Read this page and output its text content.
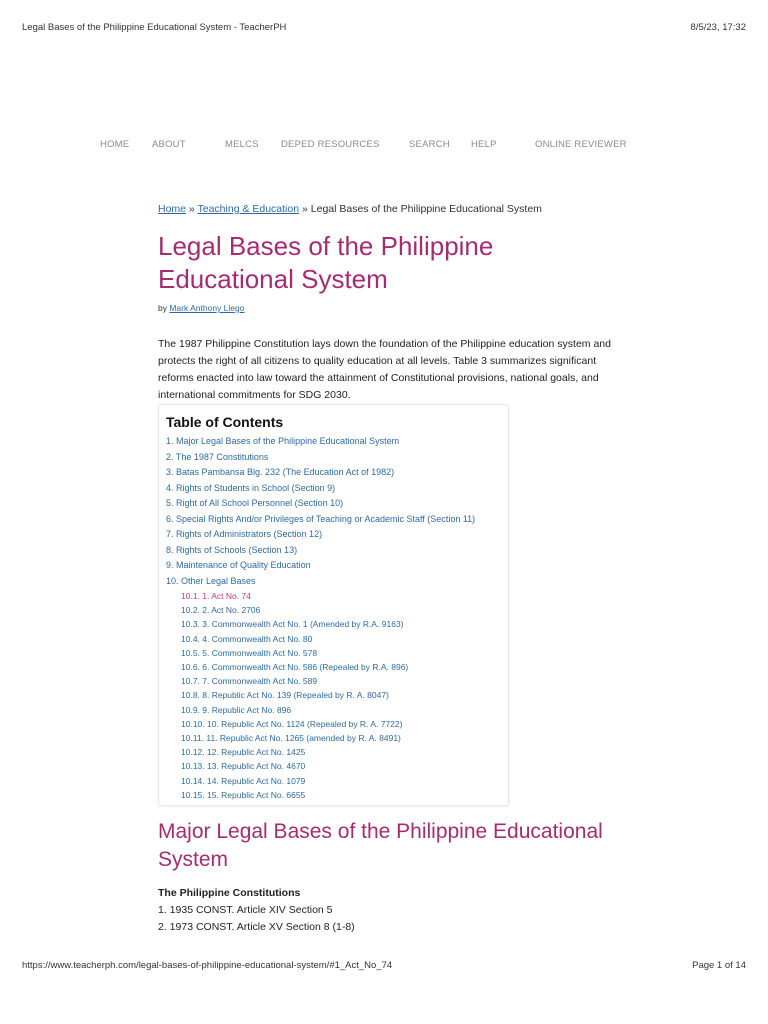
Legal Bases of the Philippine Educational System - TeacherPH	8/5/23, 17:32
HOME ABOUT	MELCS DEPED RESOURCES	SEARCH HELP	ONLINE REVIEWER
Home » Teaching & Education » Legal Bases of the Philippine Educational System
Legal Bases of the Philippine Educational System
by Mark Anthony Llego

The 1987 Philippine Constitution lays down the foundation of the Philippine education system and protects the right of all citizens to quality education at all levels. Table 3 summarizes significant reforms enacted into law toward the attainment of Constitutional provisions, national goals, and international commitments for SDG 2030.

Table of Contents
1. Major Legal Bases of the Philippine Educational System
2. The 1987 Constitutions
3. Batas Pambansa Blg. 232 (The Education Act of 1982)
4. Rights of Students in School (Section 9)
5. Right of All School Personnel (Section 10)
6. Special Rights And/or Privileges of Teaching or Academic Staff (Section 11)
7. Rights of Administrators (Section 12)
8. Rights of Schools (Section 13)
9. Maintenance of Quality Education
10. Other Legal Bases
10.1. 1. Act No. 74
10.2. 2. Act No. 2706
10.3. 3. Commonwealth Act No. 1 (Amended by R.A. 9163)
10.4. 4. Commonwealth Act No. 80
10.5. 5. Commonwealth Act No. 578
10.6. 6. Commonwealth Act No. 586 (Repealed by R.A. 896)
10.7. 7. Commonwealth Act No. 589
10.8. 8. Republic Act No. 139 (Repealed by R. A. 8047)
10.9. 9. Republic Act No. 896
10.10. 10. Republic Act No. 1124 (Repealed by R. A. 7722)
10.11. 11. Republic Act No. 1265 (amended by R. A. 8491)
10.12. 12. Republic Act No. 1425
10.13. 13. Republic Act No. 4670
10.14. 14. Republic Act No. 1079
10.15. 15. Republic Act No. 6655
Major Legal Bases of the Philippine Educational System
The Philippine Constitutions
1. 1935 CONST. Article XIV Section 5
2. 1973 CONST. Article XV Section 8 (1-8)
https://www.teacherph.com/legal-bases-of-philippine-educational-system/#1_Act_No_74	Page 1 of 14
